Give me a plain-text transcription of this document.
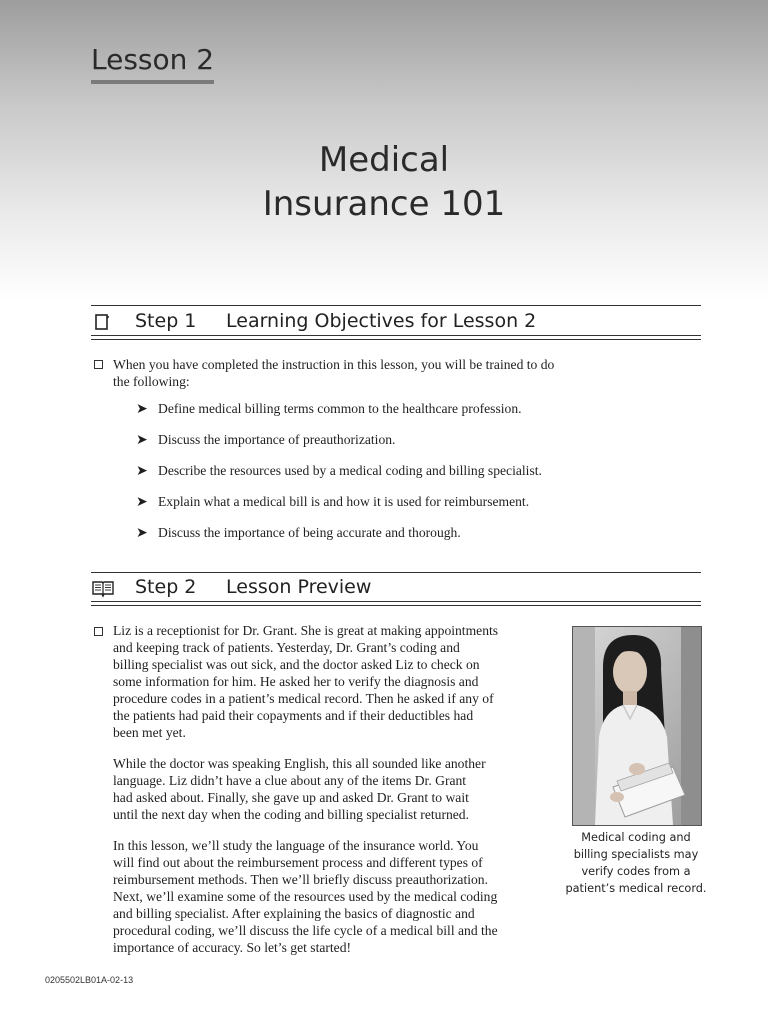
Lesson 2
Medical
Insurance 101
Step 1 Learning Objectives for Lesson 2
When you have completed the instruction in this lesson, you will be trained to do
the following:
➤ Define medical billing terms common to the healthcare profession.
➤ Discuss the importance of preauthorization.
➤ Describe the resources used by a medical coding and billing specialist.
➤ Explain what a medical bill is and how it is used for reimbursement.
➤ Discuss the importance of being accurate and thorough.
Step 2 Lesson Preview
Liz is a receptionist for Dr. Grant. She is great at making appointments
and keeping track of patients. Yesterday, Dr. Grant’s coding and
billing specialist was out sick, and the doctor asked Liz to check on
some information for him. He asked her to verify the diagnosis and
procedure codes in a patient’s medical record. Then he asked if any of
the patients had paid their copayments and if their deductibles had
been met yet.
While the doctor was speaking English, this all sounded like another
language. Liz didn’t have a clue about any of the items Dr. Grant
had asked about. Finally, she gave up and asked Dr. Grant to wait
until the next day when the coding and billing specialist returned.
In this lesson, we’ll study the language of the insurance world. You
will find out about the reimbursement process and different types of
reimbursement methods. Then we’ll briefly discuss preauthorization.
Next, we’ll examine some of the resources used by the medical coding
and billing specialist. After explaining the basics of diagnostic and
procedural coding, we’ll discuss the life cycle of a medical bill and the
importance of accuracy. So let’s get started!
Medical coding and
billing specialists may
verify codes from a
patient’s medical record.
0205502LB01A-02-13
